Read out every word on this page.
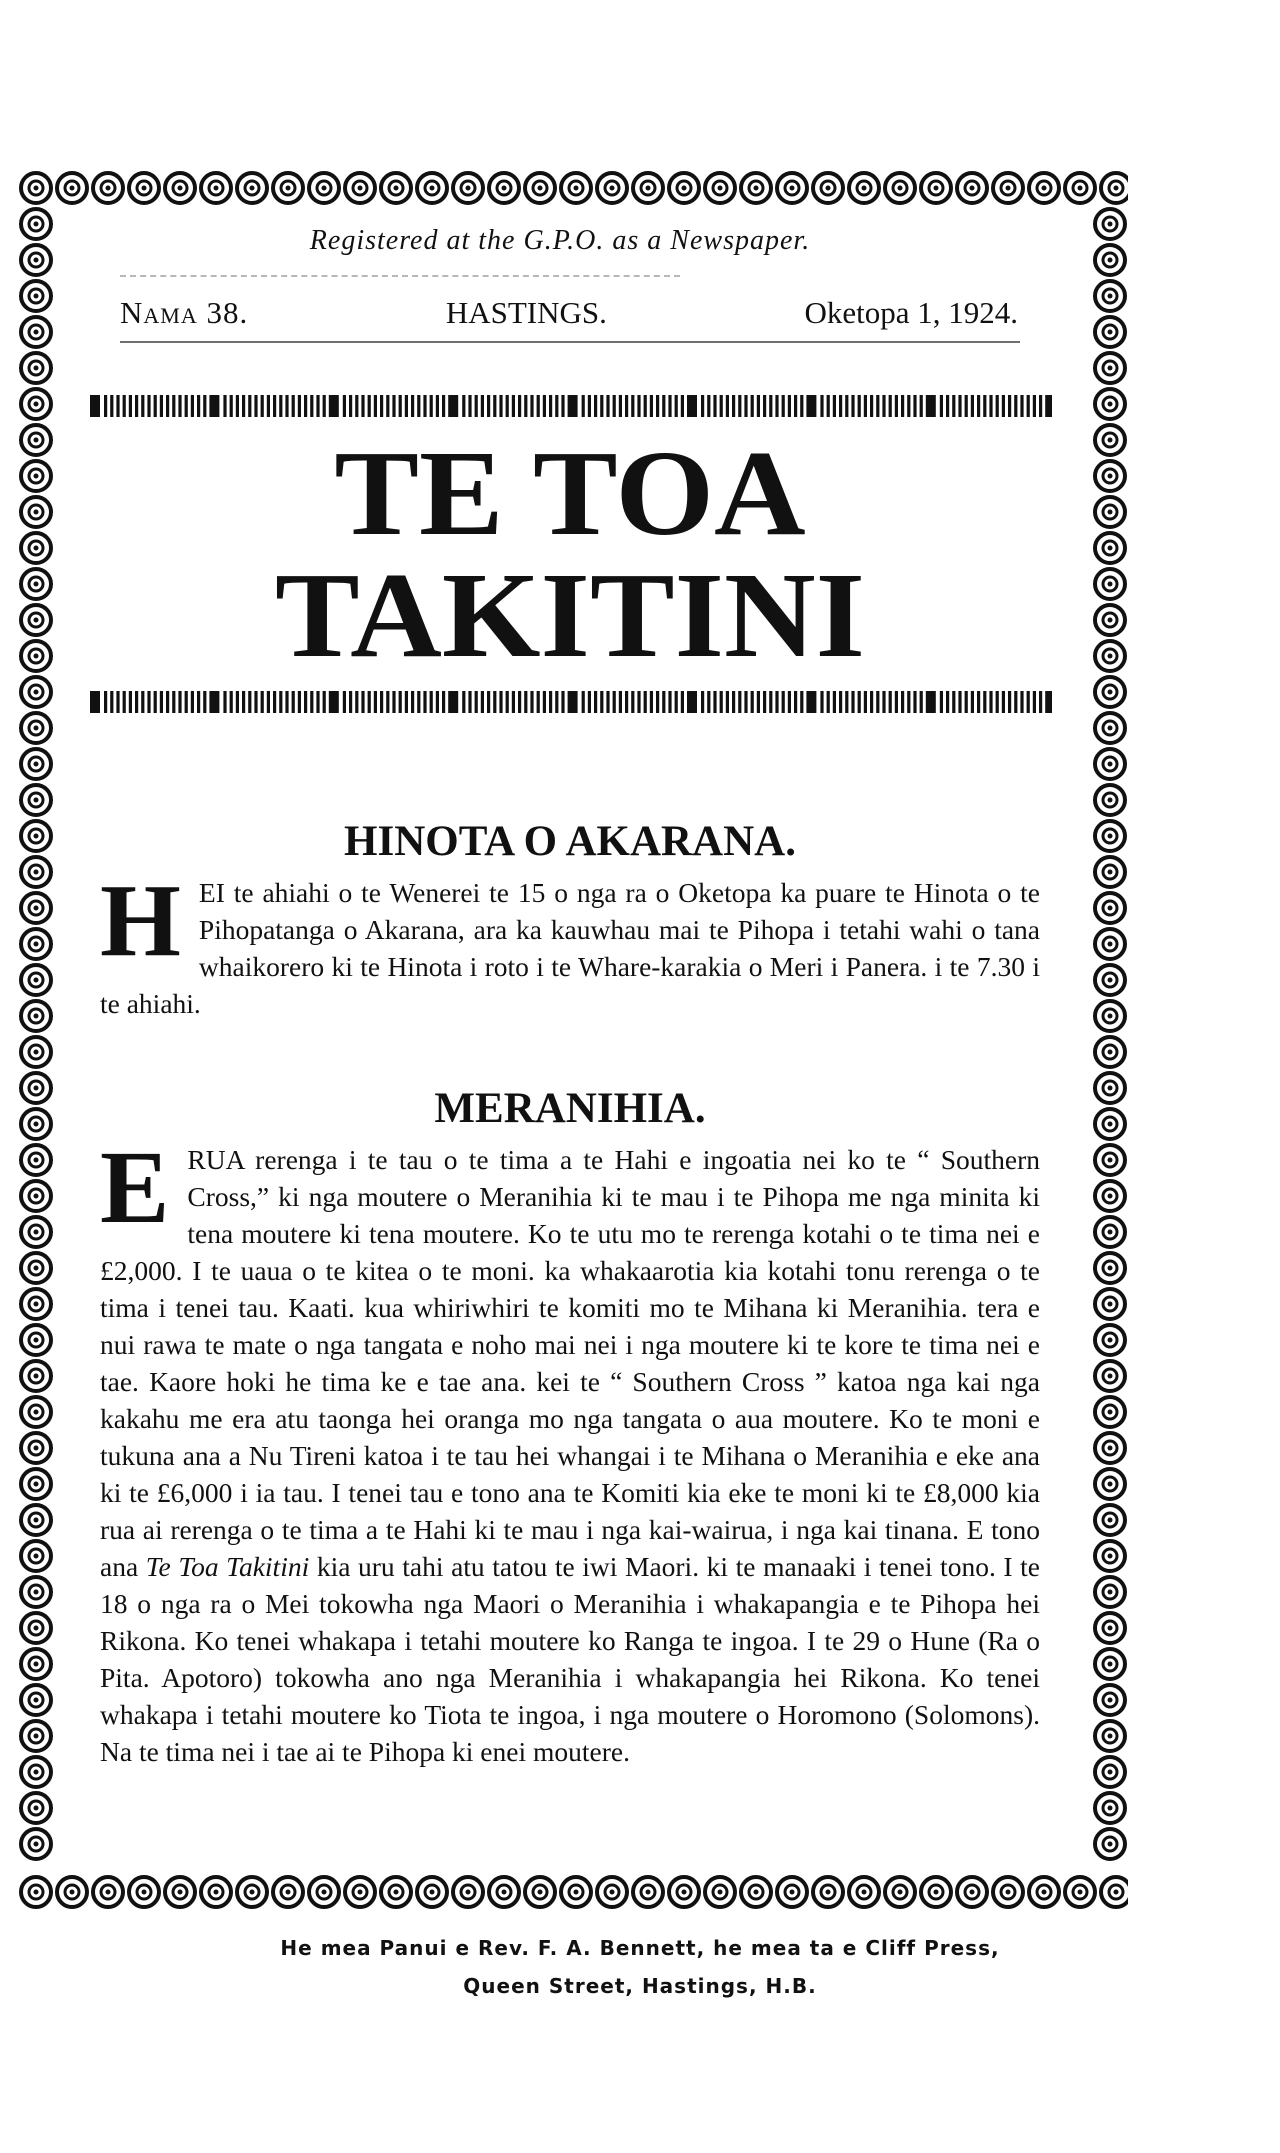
Registered at the G.P.O. as a Newspaper.
Nama 38.	HASTINGS.	Oketopa 1, 1924.
TE TOA TAKITINI
HINOTA O AKARANA.

HEI te ahiahi o te Wenerei te 15 o nga ra o Oketopa ka puare te Hinota o te Pihopatanga o Akarana, ara ka kauwhau mai te Pihopa i tetahi wahi o tana whaikorero ki te Hinota i roto i te Whare-karakia o Meri i Panera. i te 7.30 i te ahiahi.

MERANIHIA.

ERUA rerenga i te tau o te tima a te Hahi e ingoatia nei ko te “ Southern Cross,” ki nga moutere o Meranihia ki te mau i te Pihopa me nga minita ki tena moutere ki tena moutere. Ko te utu mo te rerenga kotahi o te tima nei e £2,000. I te uaua o te kitea o te moni. ka whakaarotia kia kotahi tonu rerenga o te tima i tenei tau. Kaati. kua whiriwhiri te komiti mo te Mihana ki Meranihia. tera e nui rawa te mate o nga tangata e noho mai nei i nga moutere ki te kore te tima nei e tae. Kaore hoki he tima ke e tae ana. kei te “ Southern Cross ” katoa nga kai nga kakahu me era atu taonga hei oranga mo nga tangata o aua moutere. Ko te moni e tukuna ana a Nu Tireni katoa i te tau hei whangai i te Mihana o Meranihia e eke ana ki te £6,000 i ia tau. I tenei tau e tono ana te Komiti kia eke te moni ki te £8,000 kia rua ai rerenga o te tima a te Hahi ki te mau i nga kai-wairua, i nga kai tinana. E tono ana Te Toa Takitini kia uru tahi atu tatou te iwi Maori. ki te manaaki i tenei tono. I te 18 o nga ra o Mei tokowha nga Maori o Meranihia i whakapangia e te Pihopa hei Rikona. Ko tenei whakapa i tetahi moutere ko Ranga te ingoa. I te 29 o Hune (Ra o Pita. Apotoro) tokowha ano nga Meranihia i whakapangia hei Rikona. Ko tenei whakapa i tetahi moutere ko Tiota te ingoa, i nga moutere o Horomono (Solomons). Na te tima nei i tae ai te Pihopa ki enei moutere.

He mea Panui e Rev. F. A. Bennett, he mea ta e Cliff Press,
Queen Street, Hastings, H.B.
